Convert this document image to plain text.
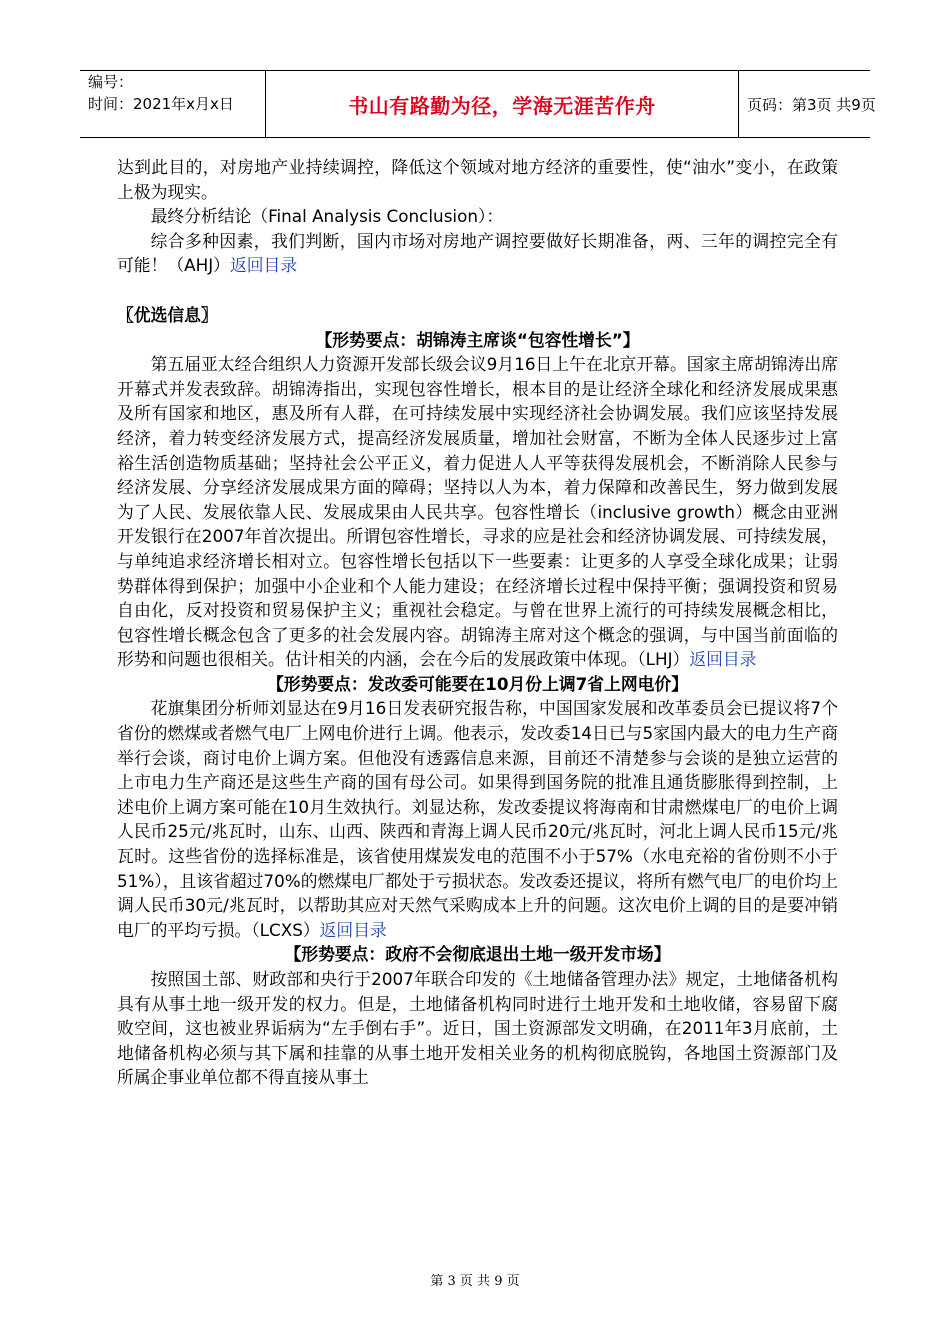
编号：
时间：2021年x月x日	书山有路勤为径，学海无涯苦作舟	页码：第3页 共9页

达到此目的，对房地产业持续调控，降低这个领域对地方经济的重要性，使“油水”变小，在政策上极为现实。

最终分析结论（Final Analysis Conclusion）：

综合多种因素，我们判断，国内市场对房地产调控要做好长期准备，两、三年的调控完全有可能！（AHJ）返回目录

〖优选信息〗

【形势要点：胡锦涛主席谈“包容性增长”】

第五届亚太经合组织人力资源开发部长级会议9月16日上午在北京开幕。国家主席胡锦涛出席开幕式并发表致辞。胡锦涛指出，实现包容性增长，根本目的是让经济全球化和经济发展成果惠及所有国家和地区，惠及所有人群，在可持续发展中实现经济社会协调发展。我们应该坚持发展经济，着力转变经济发展方式，提高经济发展质量，增加社会财富，不断为全体人民逐步过上富裕生活创造物质基础；坚持社会公平正义，着力促进人人平等获得发展机会，不断消除人民参与经济发展、分享经济发展成果方面的障碍；坚持以人为本，着力保障和改善民生，努力做到发展为了人民、发展依靠人民、发展成果由人民共享。包容性增长（inclusive growth）概念由亚洲开发银行在2007年首次提出。所谓包容性增长，寻求的应是社会和经济协调发展、可持续发展，与单纯追求经济增长相对立。包容性增长包括以下一些要素：让更多的人享受全球化成果；让弱势群体得到保护；加强中小企业和个人能力建设；在经济增长过程中保持平衡；强调投资和贸易自由化，反对投资和贸易保护主义；重视社会稳定。与曾在世界上流行的可持续发展概念相比，包容性增长概念包含了更多的社会发展内容。胡锦涛主席对这个概念的强调，与中国当前面临的形势和问题也很相关。估计相关的内涵，会在今后的发展政策中体现。（LHJ）返回目录

【形势要点：发改委可能要在10月份上调7省上网电价】

花旗集团分析师刘显达在9月16日发表研究报告称，中国国家发展和改革委员会已提议将7个省份的燃煤或者燃气电厂上网电价进行上调。他表示，发改委14日已与5家国内最大的电力生产商举行会谈，商讨电价上调方案。但他没有透露信息来源，目前还不清楚参与会谈的是独立运营的上市电力生产商还是这些生产商的国有母公司。如果得到国务院的批准且通货膨胀得到控制，上述电价上调方案可能在10月生效执行。刘显达称，发改委提议将海南和甘肃燃煤电厂的电价上调人民币25元/兆瓦时，山东、山西、陕西和青海上调人民币20元/兆瓦时，河北上调人民币15元/兆瓦时。这些省份的选择标准是，该省使用煤炭发电的范围不小于57%（水电充裕的省份则不小于51%），且该省超过70%的燃煤电厂都处于亏损状态。发改委还提议，将所有燃气电厂的电价均上调人民币30元/兆瓦时，以帮助其应对天然气采购成本上升的问题。这次电价上调的目的是要冲销电厂的平均亏损。（LCXS）返回目录

【形势要点：政府不会彻底退出土地一级开发市场】

按照国土部、财政部和央行于2007年联合印发的《土地储备管理办法》规定，土地储备机构具有从事土地一级开发的权力。但是，土地储备机构同时进行土地开发和土地收储，容易留下腐败空间，这也被业界诟病为“左手倒右手”。近日，国土资源部发文明确，在2011年3月底前，土地储备机构必须与其下属和挂靠的从事土地开发相关业务的机构彻底脱钩，各地国土资源部门及所属企事业单位都不得直接从事土

第 3 页 共 9 页
